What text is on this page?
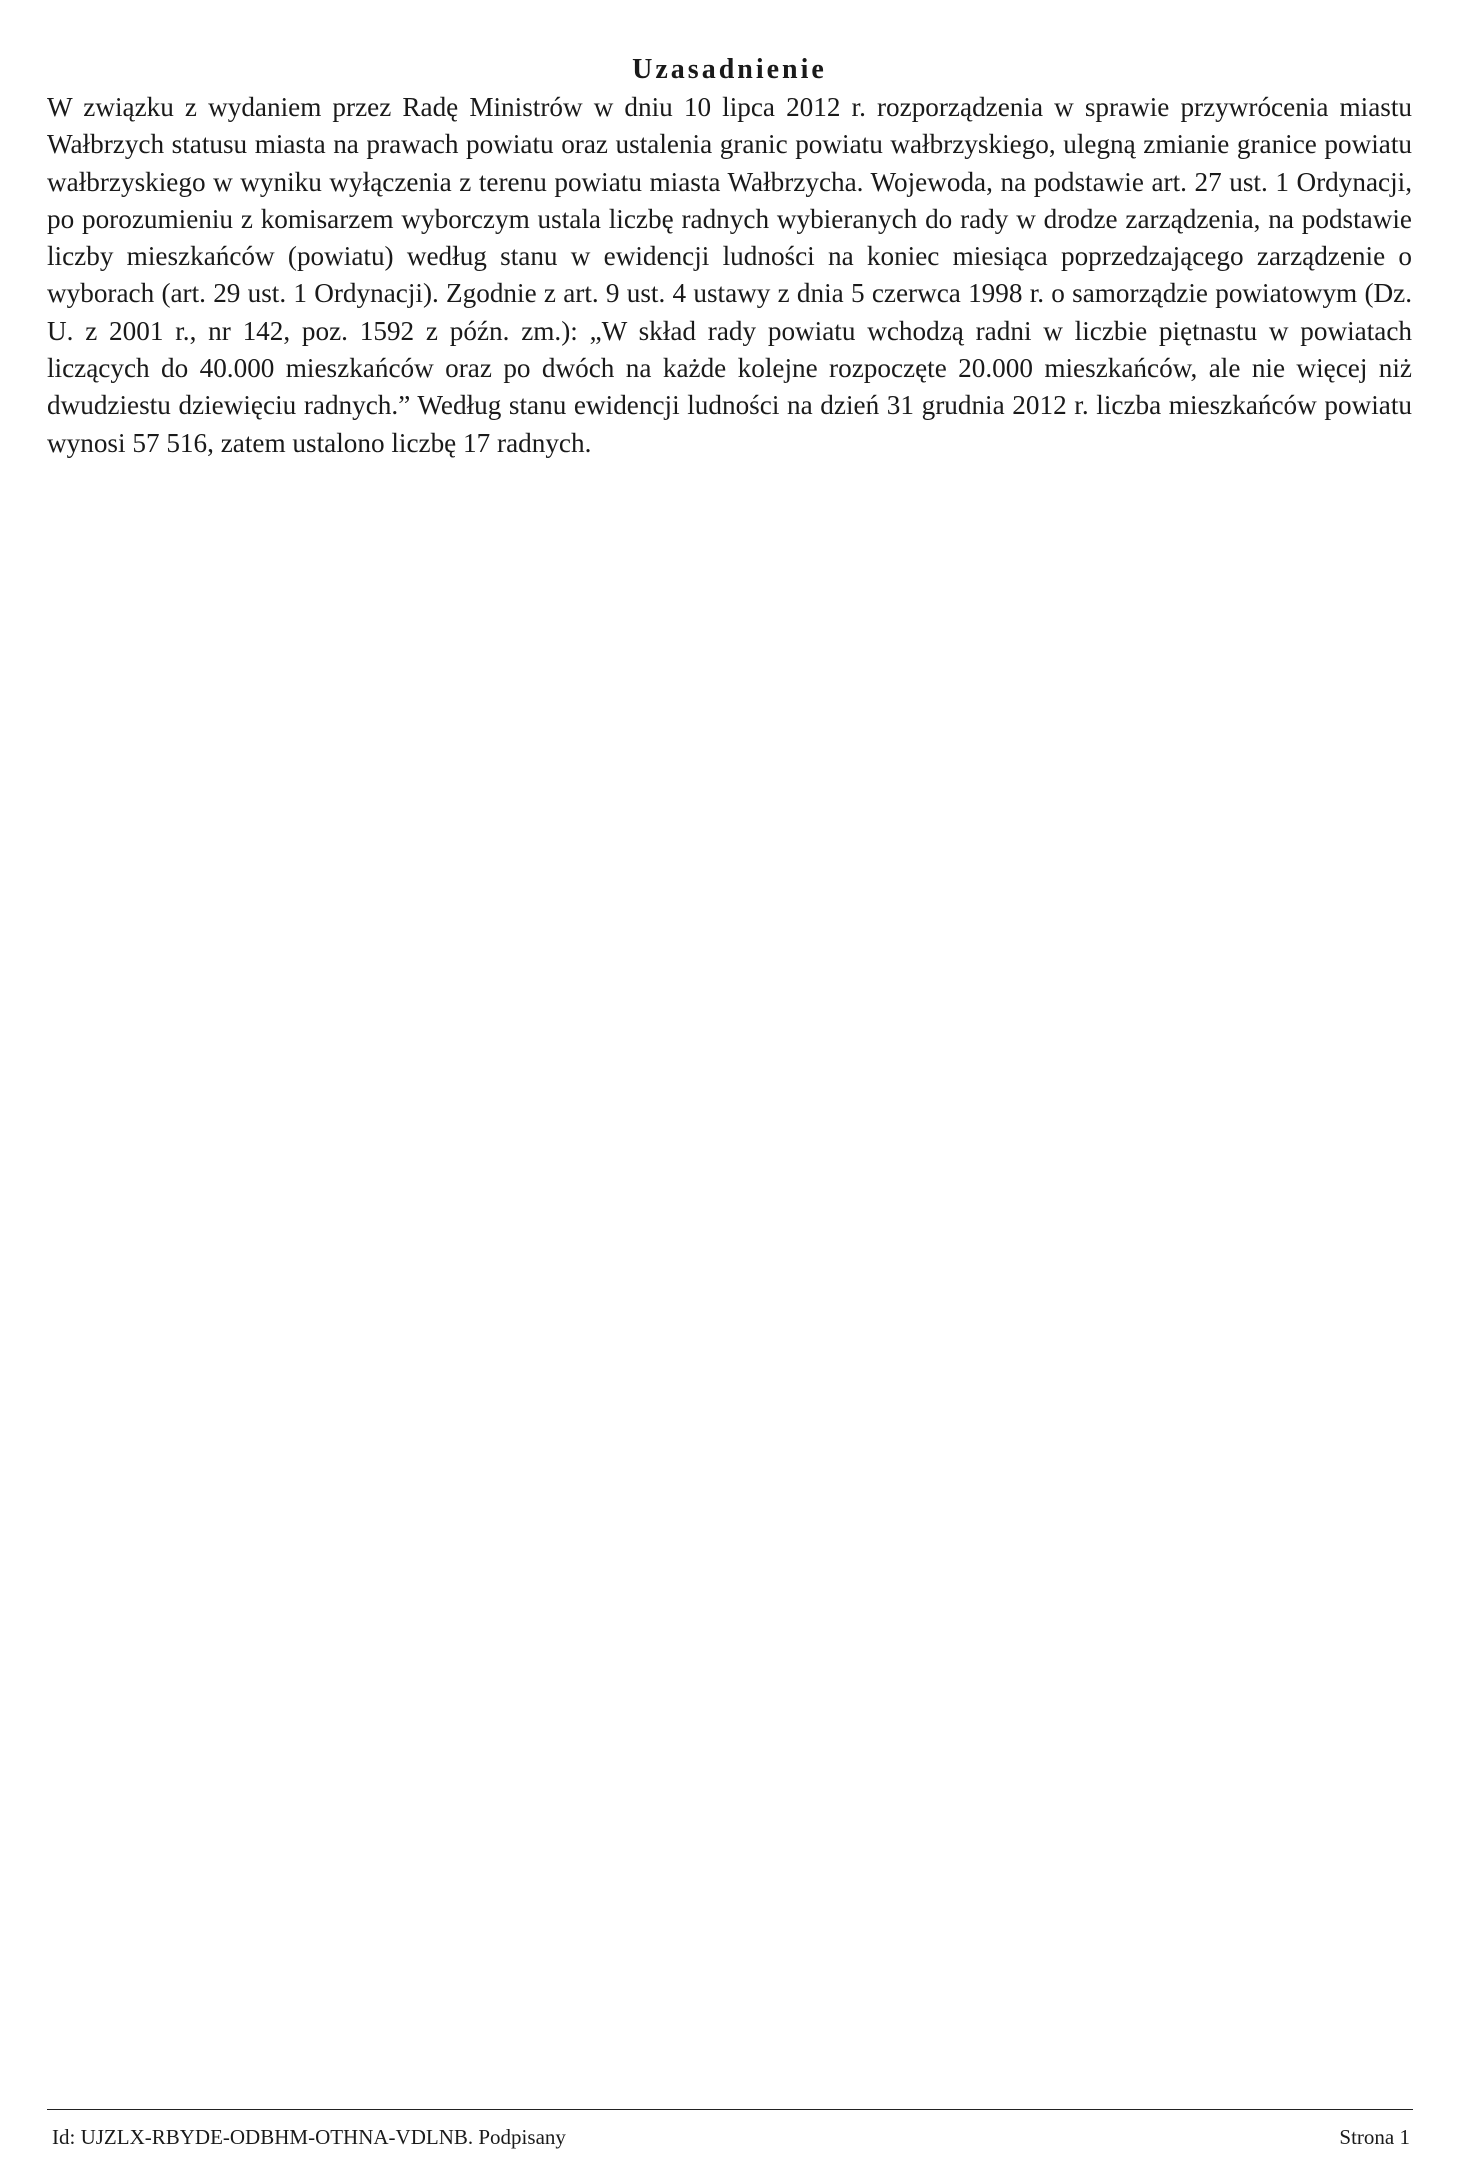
Uzasadnienie

W związku z wydaniem przez Radę Ministrów w dniu 10 lipca 2012 r. rozporządzenia w sprawie przywrócenia miastu Wałbrzych statusu miasta na prawach powiatu oraz ustalenia granic powiatu wałbrzyskiego, ulegną zmianie granice powiatu wałbrzyskiego w wyniku wyłączenia z terenu powiatu miasta Wałbrzycha. Wojewoda, na podstawie art. 27 ust. 1 Ordynacji, po porozumieniu z komisarzem wyborczym ustala liczbę radnych wybieranych do rady w drodze zarządzenia, na podstawie liczby mieszkańców (powiatu) według stanu w ewidencji ludności na koniec miesiąca poprzedzającego zarządzenie o wyborach (art. 29 ust. 1 Ordynacji). Zgodnie z art. 9 ust. 4 ustawy z dnia 5 czerwca 1998 r. o samorządzie powiatowym (Dz. U. z 2001 r., nr 142, poz. 1592 z późn. zm.): „W skład rady powiatu wchodzą radni w liczbie piętnastu w powiatach liczących do 40.000 mieszkańców oraz po dwóch na każde kolejne rozpoczęte 20.000 mieszkańców, ale nie więcej niż dwudziestu dziewięciu radnych.” Według stanu ewidencji ludności na dzień 31 grudnia 2012 r. liczba mieszkańców powiatu wynosi 57 516, zatem ustalono liczbę 17 radnych.

Id: UJZLX-RBYDE-ODBHM-OTHNA-VDLNB. Podpisany	Strona 1
